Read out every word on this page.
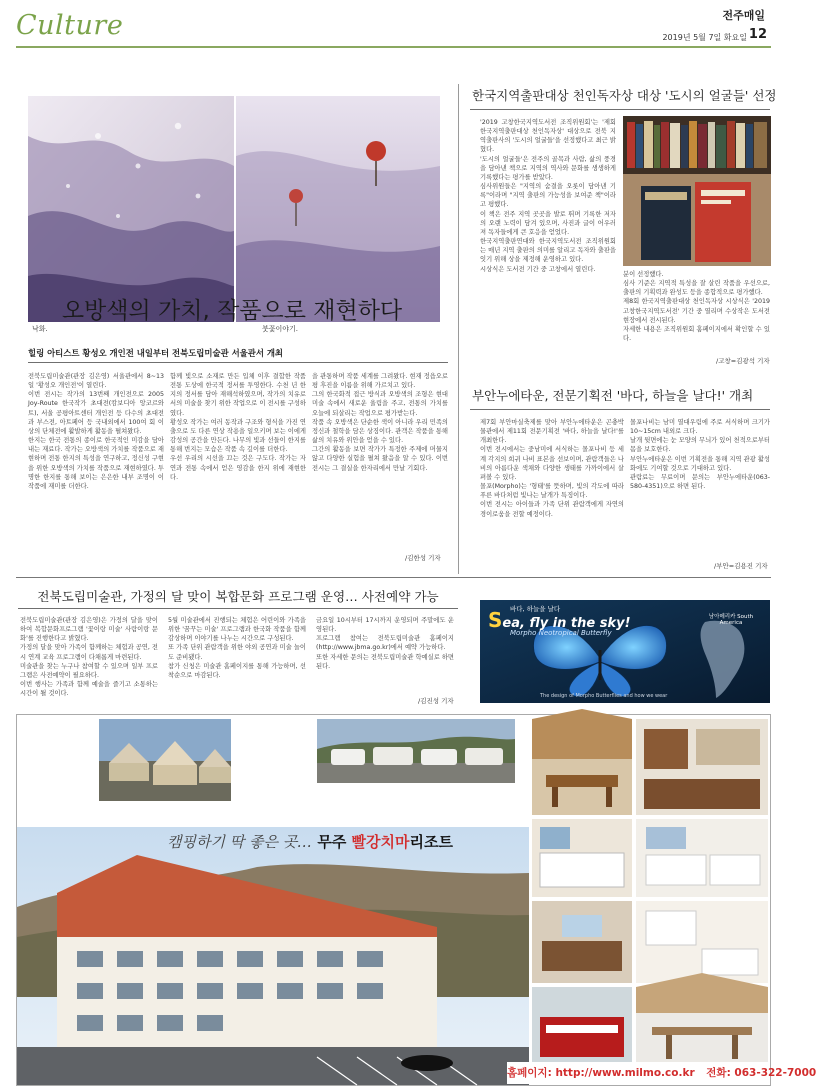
Culture	전주매일
2019년 5월 7일 화요일 12
낙화.	붓꽃이야기.
오방색의 가치, 작품으로 재현하다
힐링 아티스트 황성오 개인전 내일부터 전북도립미술관 서울관서 개최
전북도립미술관(관장 김은영) 서울관에서 8~13일 '황성오 개인전'이 열린다.
이번 전시는 작가의 13번째 개인전으로 2005 Joy-Route 한국작가 초대전(캄보디아 앙코르와트), 서울 공평아트센터 개인전 등 다수의 초대전과 부스전, 아트페어 등 국내외에서 100여 회 이상의 단체전에 활발하게 활동을 펼쳐왔다.
한지는 한국 전통의 종이로 한국적인 미감을 담아내는 재료다. 작가는 오방색의 가치를 작품으로 재현하며 전통 한지의 특성을 연구하고, 정신성 구현을 위한 오방색의 가치를 작품으로 재현하였다. 투명한 한지를 통해 보이는 은은한 내부 조명이 이 작품에 재미를 더한다.
함께 빛으로 소재로 만든 입체 이후 결합한 작품 전통 도상에 한국적 정서를 투영한다. 수천 년 한지의 정서를 담아 재해석하였으며, 작가의 치유로서의 미술을 찾기 위한 작업으로 이 전시를 구성하였다.
황성오 작가는 여러 동작과 구조와 형식을 가진 연출으로 도 다른 연상 작용을 일으키며 보는 이에게 감성의 공간을 만든다. 나무의 빛과 선들이 한지를 통해 번지는 모습은 작품 속 깊이를 더한다.
우선 우리의 시선을 끄는 것은 구도다. 작가는 자연과 전통 속에서 얻은 영감을 한지 위에 재현한다.
을 관통하며 작품 세계를 그려왔다. 현재 정읍오로 평 후진을 이름을 위해 가르치고 있다.
그의 한국화적 접근 방식과 오방색의 조형은 현대미술 속에서 새로운 울림을 주고, 전통의 가치를 오늘에 되살리는 작업으로 평가받는다.
작품 속 오방색은 단순한 색이 아니라 우리 민족의 정신과 철학을 담은 상징이다. 관객은 작품을 통해 삶의 치유와 위안을 얻을 수 있다.
그간의 활동을 보면 작가가 특정한 주제에 머물지 않고 다양한 실험을 펼쳐 왔음을 알 수 있다. 이번 전시는 그 결실을 한자리에서 만날 기회다.
/김한성 기자
한국지역출판대상 천인독자상 대상 '도시의 얼굴들' 선정
'2019 고창한국지역도서전 조직위원회'는 '제회 한국지역출판대상 천인독자상' 대상으로 전북 지역출판사의 '도시의 얼굴들'을 선정했다고 최근 밝혔다.
'도시의 얼굴들'은 전주의 골목과 사람, 삶의 풍경을 담아낸 책으로 지역의 역사와 문화를 생생하게 기록했다는 평가를 받았다.
심사위원들은 "지역의 숨결을 오롯이 담아낸 기록"이라며 "지역 출판의 가능성을 보여준 책"이라고 평했다.
이 책은 전주 지역 곳곳을 발로 뛰며 기록한 저자의 오랜 노력이 담겨 있으며, 사진과 글이 어우러져 독자들에게 큰 호응을 얻었다.
한국지역출판연대와 한국지역도서전 조직위원회는 매년 지역 출판의 의미를 알리고 독자와 출판을 잇기 위해 상을 제정해 운영하고 있다.
시상식은 도서전 기간 중 고창에서 열린다.
분이 선정했다.
심사 기준은 지역적 특성을 잘 살린 작품을 우선으로, 출판의 기획력과 완성도 등을 종합적으로 평가했다.
제8회 한국지역출판대상 천인독자상 시상식은 '2019 고창한국지역도서전' 기간 중 열리며 수상작은 도서전 현장에서 전시된다.
자세한 내용은 조직위원회 홈페이지에서 확인할 수 있다.
/고창=김광석 기자
부안누에타운, 전문기획전 '바다, 하늘을 날다!' 개최
제7회 부안마실축제를 맞아 부안누에타운은 곤충박물관에서 제11회 전문기획전 '바다, 하늘을 날다!'를 개최한다.
이번 전시에서는 중남미에 서식하는 몰포나비 등 세계 각지의 희귀 나비 표본을 선보이며, 관람객들은 나비의 아름다운 색채와 다양한 생태를 가까이에서 살펴볼 수 있다.
몰포(Morpho)는 '형태'를 뜻하며, 빛의 각도에 따라 푸른 바다처럼 빛나는 날개가 특징이다.
이번 전시는 아이들과 가족 단위 관람객에게 자연의 경이로움을 전할 예정이다.
몰포나비는 남미 열대우림에 주로 서식하며 크기가 10~15cm 내외로 크다.
날개 뒷면에는 눈 모양의 무늬가 있어 천적으로부터 몸을 보호한다.
부안누에타운은 이번 기획전을 통해 지역 관광 활성화에도 기여할 것으로 기대하고 있다.
관람료는 무료이며 문의는 부안누에타운(063-580-4351)으로 하면 된다.
/부안=김용진 기자
전북도립미술관, 가정의 달 맞이 복합문화 프로그램 운영… 사전예약 가능
전북도립미술관(관장 김은영)은 가정의 달을 맞이하여 복합문화프로그램 '꽃이랑 미술' 사람이랑 문화'를 진행한다고 밝혔다.
가정의 달을 맞아 가족이 함께하는 체험과 공연, 전시 연계 교육 프로그램이 다채롭게 마련된다.
미술관을 찾는 누구나 참여할 수 있으며 일부 프로그램은 사전예약이 필요하다.
이번 행사는 가족과 함께 예술을 즐기고 소통하는 시간이 될 것이다.
5월 미술관에서 진행되는 체험은 어린이와 가족을 위한 '꿈꾸는 미술' 프로그램과 한국화 작품을 함께 감상하며 이야기를 나누는 시간으로 구성된다.
또 가족 단위 관람객을 위한 야외 공연과 미술 놀이도 준비됐다.
참가 신청은 미술관 홈페이지를 통해 가능하며, 선착순으로 마감된다.
금요일 10시부터 17시까지 운영되며 주말에도 운영된다.
프로그램 참여는 전북도립미술관 홈페이지(http://www.jbma.go.kr)에서 예약 가능하다.
또한 자세한 문의는 전북도립미술관 학예실로 하면 된다.
/김진성 기자
Sea, fly in the sky!
바다, 하늘을 날다
Morpho Neotropical Butterfly
남아메리카 South America
The design of Morpho Butterflies and how we wear
캠핑하기 딱 좋은 곳… 무주 빨강치마리조트
홈페이지: http://www.milmo.co.kr 전화: 063-322-7000
